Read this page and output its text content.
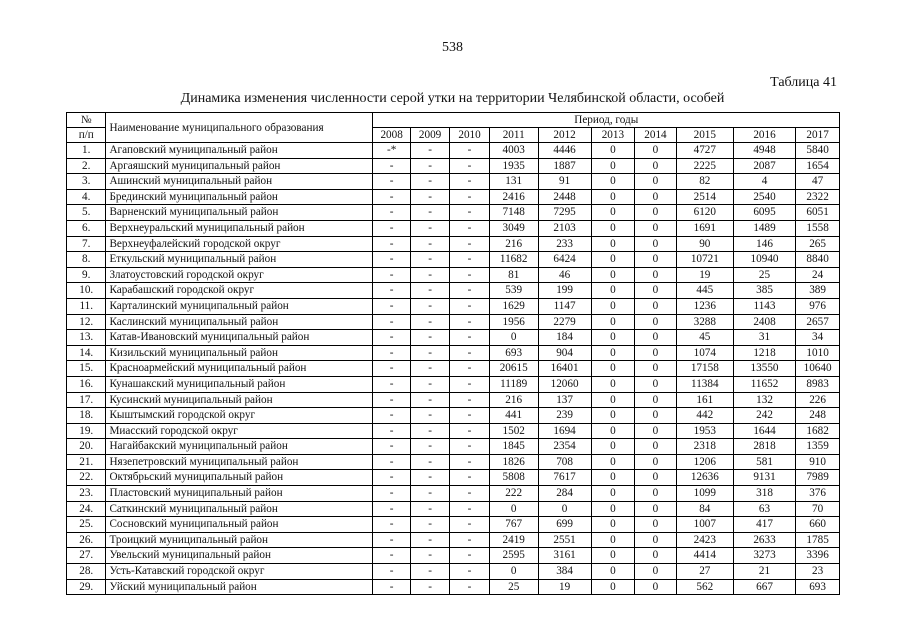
538
Таблица 41
Динамика изменения численности серой утки на территории Челябинской области, особей
№	Наименование муниципального образования	Период, годы									
п/п		2008	2009	2010	2011	2012	2013	2014	2015	2016	2017
1.	Агаповский муниципальный район	-*	-	-	4003	4446	0	0	4727	4948	5840
2.	Аргаяшский муниципальный район	-	-	-	1935	1887	0	0	2225	2087	1654
3.	Ашинский муниципальный район	-	-	-	131	91	0	0	82	4	47
4.	Брединский муниципальный район	-	-	-	2416	2448	0	0	2514	2540	2322
5.	Варненский муниципальный район	-	-	-	7148	7295	0	0	6120	6095	6051
6.	Верхнеуральский муниципальный район	-	-	-	3049	2103	0	0	1691	1489	1558
7.	Верхнеуфалейский городской округ	-	-	-	216	233	0	0	90	146	265
8.	Еткульский муниципальный район	-	-	-	11682	6424	0	0	10721	10940	8840
9.	Златоустовский городской округ	-	-	-	81	46	0	0	19	25	24
10.	Карабашский городской округ	-	-	-	539	199	0	0	445	385	389
11.	Карталинский муниципальный район	-	-	-	1629	1147	0	0	1236	1143	976
12.	Каслинский муниципальный район	-	-	-	1956	2279	0	0	3288	2408	2657
13.	Катав-Ивановский муниципальный район	-	-	-	0	184	0	0	45	31	34
14.	Кизильский муниципальный район	-	-	-	693	904	0	0	1074	1218	1010
15.	Красноармейский муниципальный район	-	-	-	20615	16401	0	0	17158	13550	10640
16.	Кунашакский муниципальный район	-	-	-	11189	12060	0	0	11384	11652	8983
17.	Кусинский муниципальный район	-	-	-	216	137	0	0	161	132	226
18.	Кыштымский городской округ	-	-	-	441	239	0	0	442	242	248
19.	Миасский городской округ	-	-	-	1502	1694	0	0	1953	1644	1682
20.	Нагайбакский муниципальный район	-	-	-	1845	2354	0	0	2318	2818	1359
21.	Нязепетровский муниципальный район	-	-	-	1826	708	0	0	1206	581	910
22.	Октябрьский муниципальный район	-	-	-	5808	7617	0	0	12636	9131	7989
23.	Пластовский муниципальный район	-	-	-	222	284	0	0	1099	318	376
24.	Саткинский муниципальный район	-	-	-	0	0	0	0	84	63	70
25.	Сосновский муниципальный район	-	-	-	767	699	0	0	1007	417	660
26.	Троицкий муниципальный район	-	-	-	2419	2551	0	0	2423	2633	1785
27.	Увельский муниципальный район	-	-	-	2595	3161	0	0	4414	3273	3396
28.	Усть-Катавский городской округ	-	-	-	0	384	0	0	27	21	23
29.	Уйский муниципальный район	-	-	-	25	19	0	0	562	667	693
